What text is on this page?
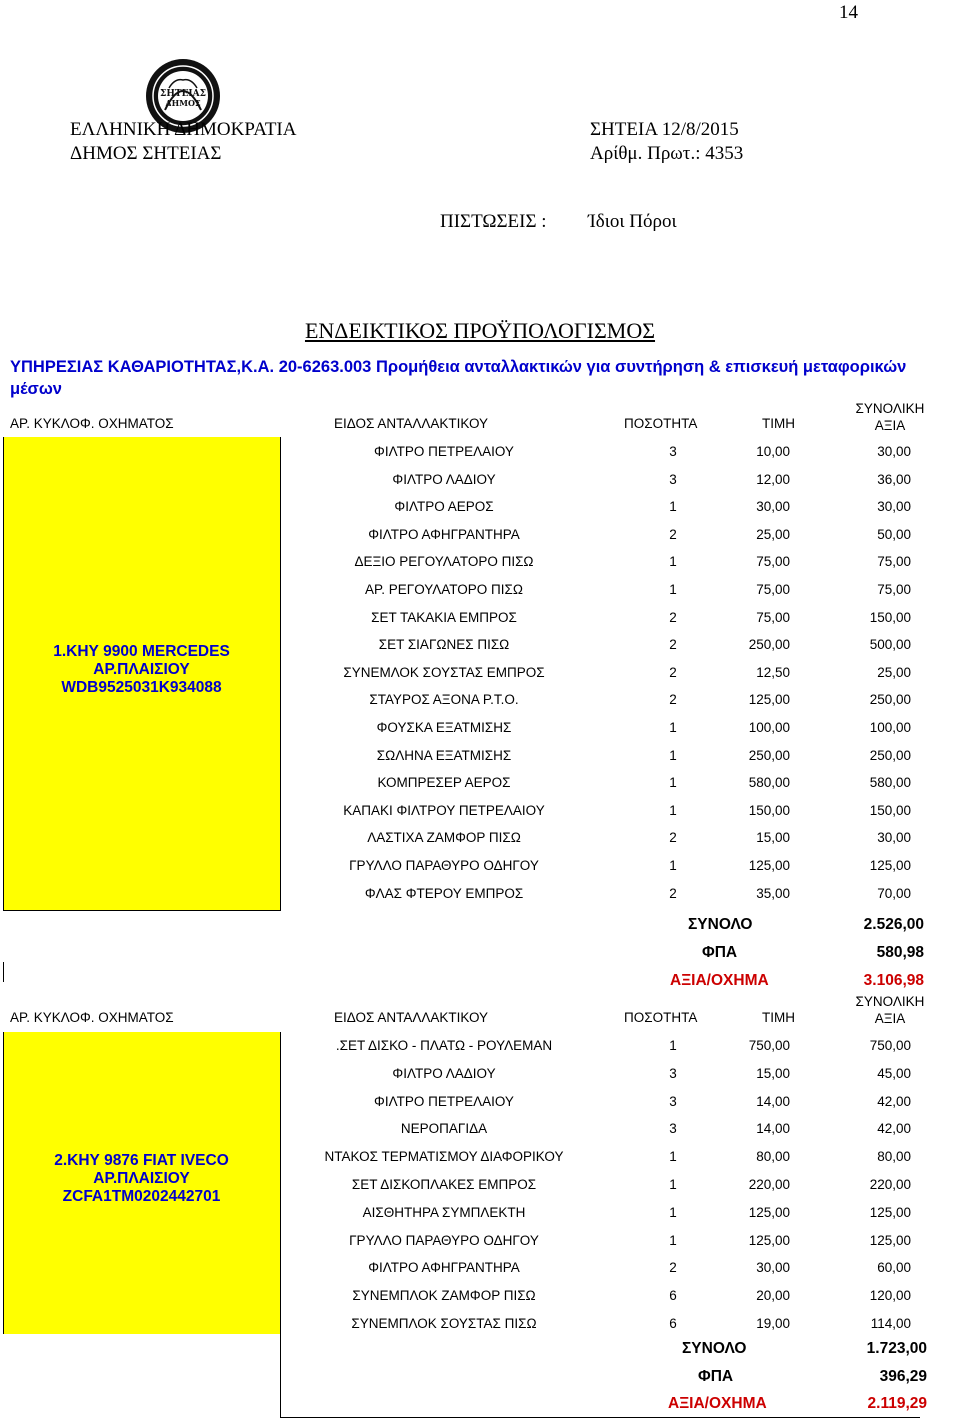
14
ΣΗΤΕΙΑΣ
ΔΗΜΟΣ
ΕΛΛΗΝΙΚΗ ΔΗΜΟΚΡΑΤΙΑ
ΔΗΜΟΣ ΣΗΤΕΙΑΣ
ΣΗΤΕΙΑ 12/8/2015
Αρίθμ. Πρωτ.: 4353
ΠΙΣΤΩΣΕΙΣ : Ίδιοι Πόροι
ΕΝΔΕΙΚΤΙΚΟΣ ΠΡΟΫΠΟΛΟΓΙΣΜΟΣ
ΥΠΗΡΕΣΙΑΣ ΚΑΘΑΡΙΟΤΗΤΑΣ,Κ.Α. 20-6263.003 Προμήθεια ανταλλακτικών για συντήρηση & επισκευή μεταφορικών μέσων
ΑΡ. ΚΥΚΛΟΦ. ΟΧΗΜΑΤΟΣ	ΕΙΔΟΣ ΑΝΤΑΛΛΑΚΤΙΚΟΥ	ΠΟΣΟΤΗΤΑ	ΤΙΜΗ
ΣΥΝΟΛΙΚΗ
ΑΞΙΑ
1.ΚΗΥ 9900 MERCEDES
ΑΡ.ΠΛΑΙΣΙΟΥ
WDB9525031K934088
ΦΙΛΤΡΟ ΠΕΤΡΕΛΑΙΟΥ	3	10,00	30,00
ΦΙΛΤΡΟ ΛΑΔΙΟΥ	3	12,00	36,00
ΦΙΛΤΡΟ ΑΕΡΟΣ	1	30,00	30,00
ΦΙΛΤΡΟ ΑΦΗΓΡΑΝΤΗΡΑ	2	25,00	50,00
ΔΕΞΙΟ ΡΕΓΟΥΛΑΤΟΡΟ ΠΙΣΩ	1	75,00	75,00
ΑΡ. ΡΕΓΟΥΛΑΤΟΡΟ ΠΙΣΩ	1	75,00	75,00
ΣΕΤ ΤΑΚΑΚΙΑ ΕΜΠΡΟΣ	2	75,00	150,00
ΣΕΤ ΣΙΑΓΩΝΕΣ ΠΙΣΩ	2	250,00	500,00
ΣΥΝΕΜΛΟΚ ΣΟΥΣΤΑΣ ΕΜΠΡΟΣ	2	12,50	25,00
ΣΤΑΥΡΟΣ ΑΞΟΝΑ Ρ.Τ.Ο.	2	125,00	250,00
ΦΟΥΣΚΑ ΕΞΑΤΜΙΣΗΣ	1	100,00	100,00
ΣΩΛΗΝΑ ΕΞΑΤΜΙΣΗΣ	1	250,00	250,00
ΚΟΜΠΡΕΣΕΡ ΑΕΡΟΣ	1	580,00	580,00
ΚΑΠΑΚΙ ΦΙΛΤΡΟΥ ΠΕΤΡΕΛΑΙΟΥ	1	150,00	150,00
ΛΑΣΤΙΧΑ ΖΑΜΦΟΡ ΠΙΣΩ	2	15,00	30,00
ΓΡΥΛΛΟ ΠΑΡΑΘΥΡΟ ΟΔΗΓΟΥ	1	125,00	125,00
ΦΛΑΣ ΦΤΕΡΟΥ ΕΜΠΡΟΣ	2	35,00	70,00
ΣΥΝΟΛΟ	2.526,00
ΦΠΑ	580,98
ΑΞΙΑ/ΟΧΗΜΑ	3.106,98
ΑΡ. ΚΥΚΛΟΦ. ΟΧΗΜΑΤΟΣ	ΕΙΔΟΣ ΑΝΤΑΛΛΑΚΤΙΚΟΥ	ΠΟΣΟΤΗΤΑ	ΤΙΜΗ
ΣΥΝΟΛΙΚΗ
ΑΞΙΑ
2.ΚΗΥ 9876 FIAT IVECO
ΑΡ.ΠΛΑΙΣΙΟΥ
ZCFA1TM0202442701
.ΣΕΤ ΔΙΣΚΟ - ΠΛΑΤΩ - ΡΟΥΛΕΜΑΝ	1	750,00	750,00
ΦΙΛΤΡΟ ΛΑΔΙΟΥ	3	15,00	45,00
ΦΙΛΤΡΟ ΠΕΤΡΕΛΑΙΟΥ	3	14,00	42,00
ΝΕΡΟΠΑΓΙΔΑ	3	14,00	42,00
ΝΤΑΚΟΣ ΤΕΡΜΑΤΙΣΜΟΥ ΔΙΑΦΟΡΙΚΟΥ	1	80,00	80,00
ΣΕΤ ΔΙΣΚΟΠΛΑΚΕΣ ΕΜΠΡΟΣ	1	220,00	220,00
ΑΙΣΘΗΤΗΡΑ ΣΥΜΠΛΕΚΤΗ	1	125,00	125,00
ΓΡΥΛΛΟ ΠΑΡΑΘΥΡΟ ΟΔΗΓΟΥ	1	125,00	125,00
ΦΙΛΤΡΟ ΑΦΗΓΡΑΝΤΗΡΑ	2	30,00	60,00
ΣΥΝΕΜΠΛΟΚ ΖΑΜΦΟΡ ΠΙΣΩ	6	20,00	120,00
ΣΥΝΕΜΠΛΟΚ ΣΟΥΣΤΑΣ ΠΙΣΩ	6	19,00	114,00
ΣΥΝΟΛΟ	1.723,00
ΦΠΑ	396,29
ΑΞΙΑ/ΟΧΗΜΑ	2.119,29
